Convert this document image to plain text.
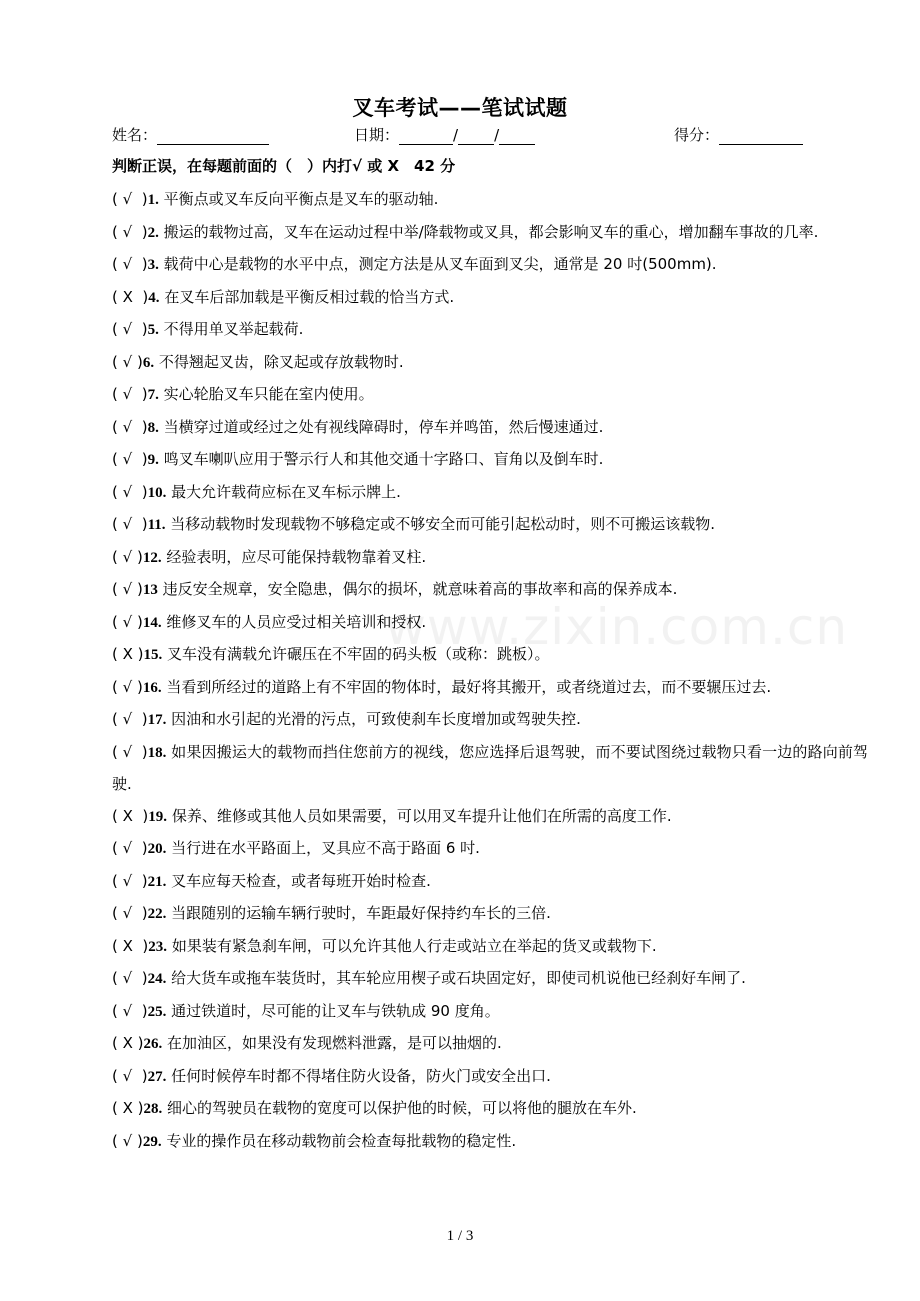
www.zixin.com.cn
叉车考试——笔试试题
姓名：	日期：	/ /	得分：
判断正误，在每题前面的（　）内打√ 或 X　42 分
( √  )1. 平衡点或叉车反向平衡点是叉车的驱动轴.
( √  )2. 搬运的载物过高，叉车在运动过程中举/降载物或叉具，都会影响叉车的重心，增加翻车事故的几率.
( √  )3. 载荷中心是载物的水平中点，测定方法是从叉车面到叉尖，通常是 20 吋(500mm).
( X  )4. 在叉车后部加载是平衡反相过载的恰当方式.
( √  )5. 不得用单叉举起载荷.
( √ )6. 不得翘起叉齿，除叉起或存放载物时.
( √  )7. 实心轮胎叉车只能在室内使用。
( √  )8. 当横穿过道或经过之处有视线障碍时，停车并鸣笛，然后慢速通过.
( √  )9. 鸣叉车喇叭应用于警示行人和其他交通十字路口、盲角以及倒车时.
( √  )10. 最大允许载荷应标在叉车标示牌上.
( √  )11. 当移动载物时发现载物不够稳定或不够安全而可能引起松动时，则不可搬运该载物.
( √ )12. 经验表明，应尽可能保持载物靠着叉柱.
( √ )13 违反安全规章，安全隐患，偶尔的损坏，就意味着高的事故率和高的保养成本.
( √ )14. 维修叉车的人员应受过相关培训和授权.
( X )15. 叉车没有满载允许碾压在不牢固的码头板（或称：跳板）。
( √ )16. 当看到所经过的道路上有不牢固的物体时，最好将其搬开，或者绕道过去，而不要辗压过去.
( √  )17. 因油和水引起的光滑的污点，可致使刹车长度增加或驾驶失控.
( √  )18. 如果因搬运大的载物而挡住您前方的视线，您应选择后退驾驶，而不要试图绕过载物只看一边的路向前驾驶.
( X  )19. 保养、维修或其他人员如果需要，可以用叉车提升让他们在所需的高度工作.
( √  )20. 当行进在水平路面上，叉具应不高于路面 6 吋.
( √  )21. 叉车应每天检查，或者每班开始时检查.
( √  )22. 当跟随别的运输车辆行驶时，车距最好保持约车长的三倍.
( X  )23. 如果装有紧急刹车闸，可以允许其他人行走或站立在举起的货叉或载物下.
( √  )24. 给大货车或拖车装货时，其车轮应用楔子或石块固定好，即使司机说他已经刹好车闸了.
( √  )25. 通过铁道时，尽可能的让叉车与铁轨成 90 度角。
( X )26. 在加油区，如果没有发现燃料泄露，是可以抽烟的.
( √  )27. 任何时候停车时都不得堵住防火设备，防火门或安全出口.
( X )28. 细心的驾驶员在载物的宽度可以保护他的时候，可以将他的腿放在车外.
( √ )29. 专业的操作员在移动载物前会检查每批载物的稳定性.
1 / 3
